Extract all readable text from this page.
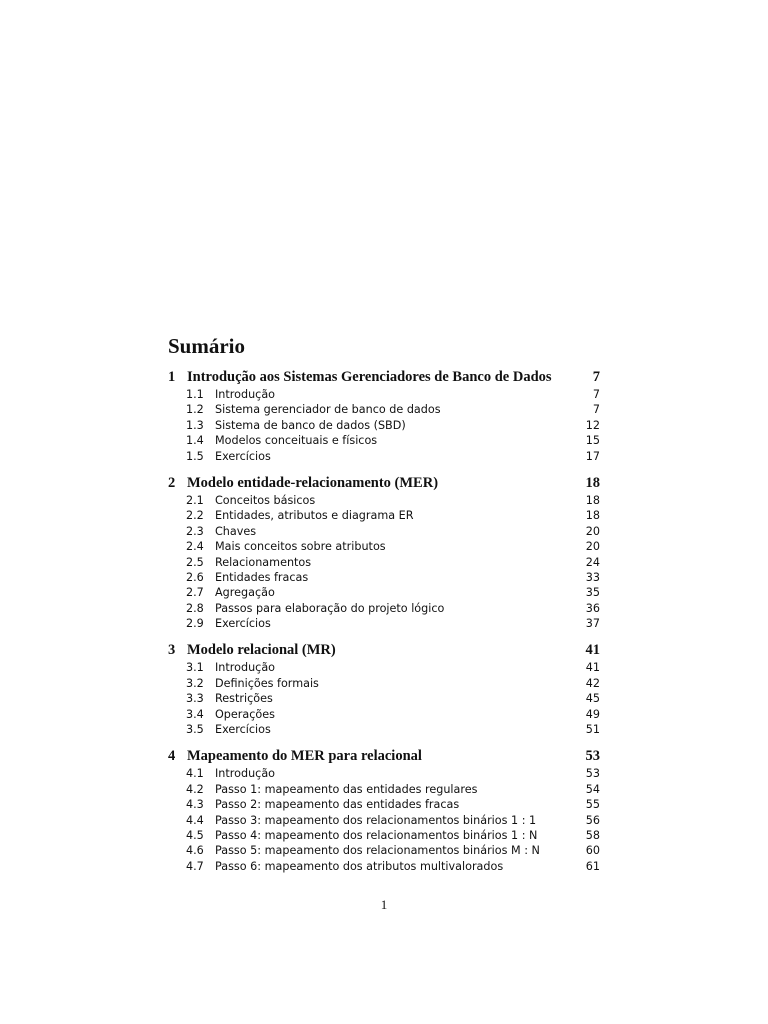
Sumário
1 Introdução aos Sistemas Gerenciadores de Banco de Dados	7
1.1	Introdução	7
1.2	Sistema gerenciador de banco de dados	7
1.3	Sistema de banco de dados (SBD)	12
1.4	Modelos conceituais e físicos	15
1.5	Exercícios	17
2 Modelo entidade-relacionamento (MER)	18
2.1	Conceitos básicos	18
2.2	Entidades, atributos e diagrama ER	18
2.3	Chaves	20
2.4	Mais conceitos sobre atributos	20
2.5	Relacionamentos	24
2.6	Entidades fracas	33
2.7	Agregação	35
2.8	Passos para elaboração do projeto lógico	36
2.9	Exercícios	37
3 Modelo relacional (MR)	41
3.1	Introdução	41
3.2	Definições formais	42
3.3	Restrições	45
3.4	Operações	49
3.5	Exercícios	51
4 Mapeamento do MER para relacional	53
4.1	Introdução	53
4.2	Passo 1: mapeamento das entidades regulares	54
4.3	Passo 2: mapeamento das entidades fracas	55
4.4	Passo 3: mapeamento dos relacionamentos binários 1 : 1	56
4.5	Passo 4: mapeamento dos relacionamentos binários 1 : N	58
4.6	Passo 5: mapeamento dos relacionamentos binários M : N	60
4.7	Passo 6: mapeamento dos atributos multivalorados	61
1
